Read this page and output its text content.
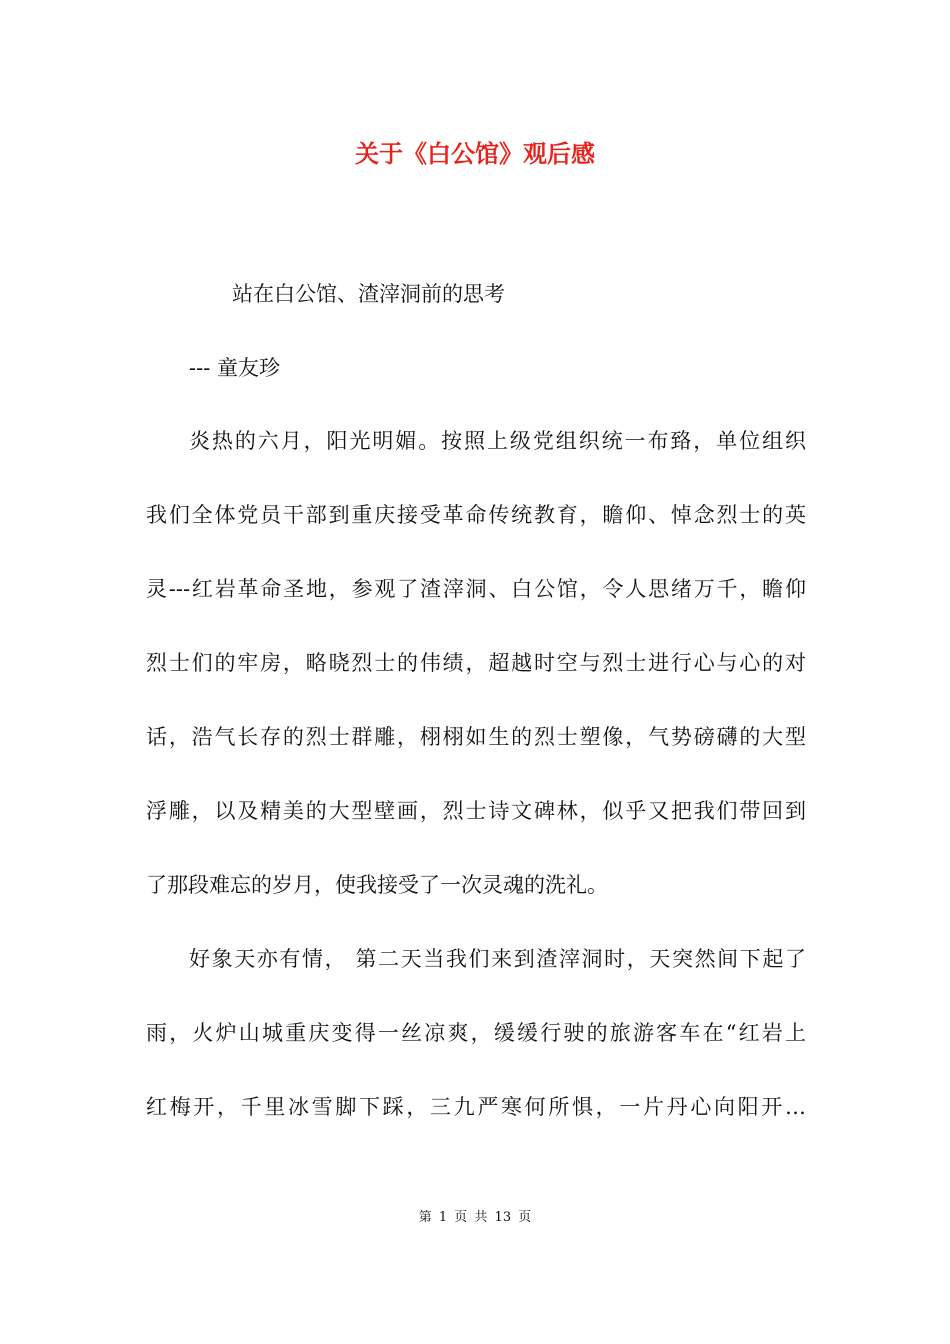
关于《白公馆》观后感
站在白公馆、渣滓洞前的思考
--- 童友珍
炎热的六月，阳光明媚。按照上级党组织统一布臵，单位组织
我们全体党员干部到重庆接受革命传统教育，瞻仰、悼念烈士的英
灵---红岩革命圣地，参观了渣滓洞、白公馆，令人思绪万千，瞻仰
烈士们的牢房，略晓烈士的伟绩，超越时空与烈士进行心与心的对
话，浩气长存的烈士群雕，栩栩如生的烈士塑像，气势磅礴的大型
浮雕，以及精美的大型壁画，烈士诗文碑林，似乎又把我们带回到
了那段难忘的岁月，使我接受了一次灵魂的洗礼。
好象天亦有情， 第二天当我们来到渣滓洞时，天突然间下起了
雨，火炉山城重庆变得一丝凉爽，缓缓行驶的旅游客车在“红岩上
红梅开，千里冰雪脚下踩，三九严寒何所惧，一片丹心向阳开…
第 1 页 共 13 页
